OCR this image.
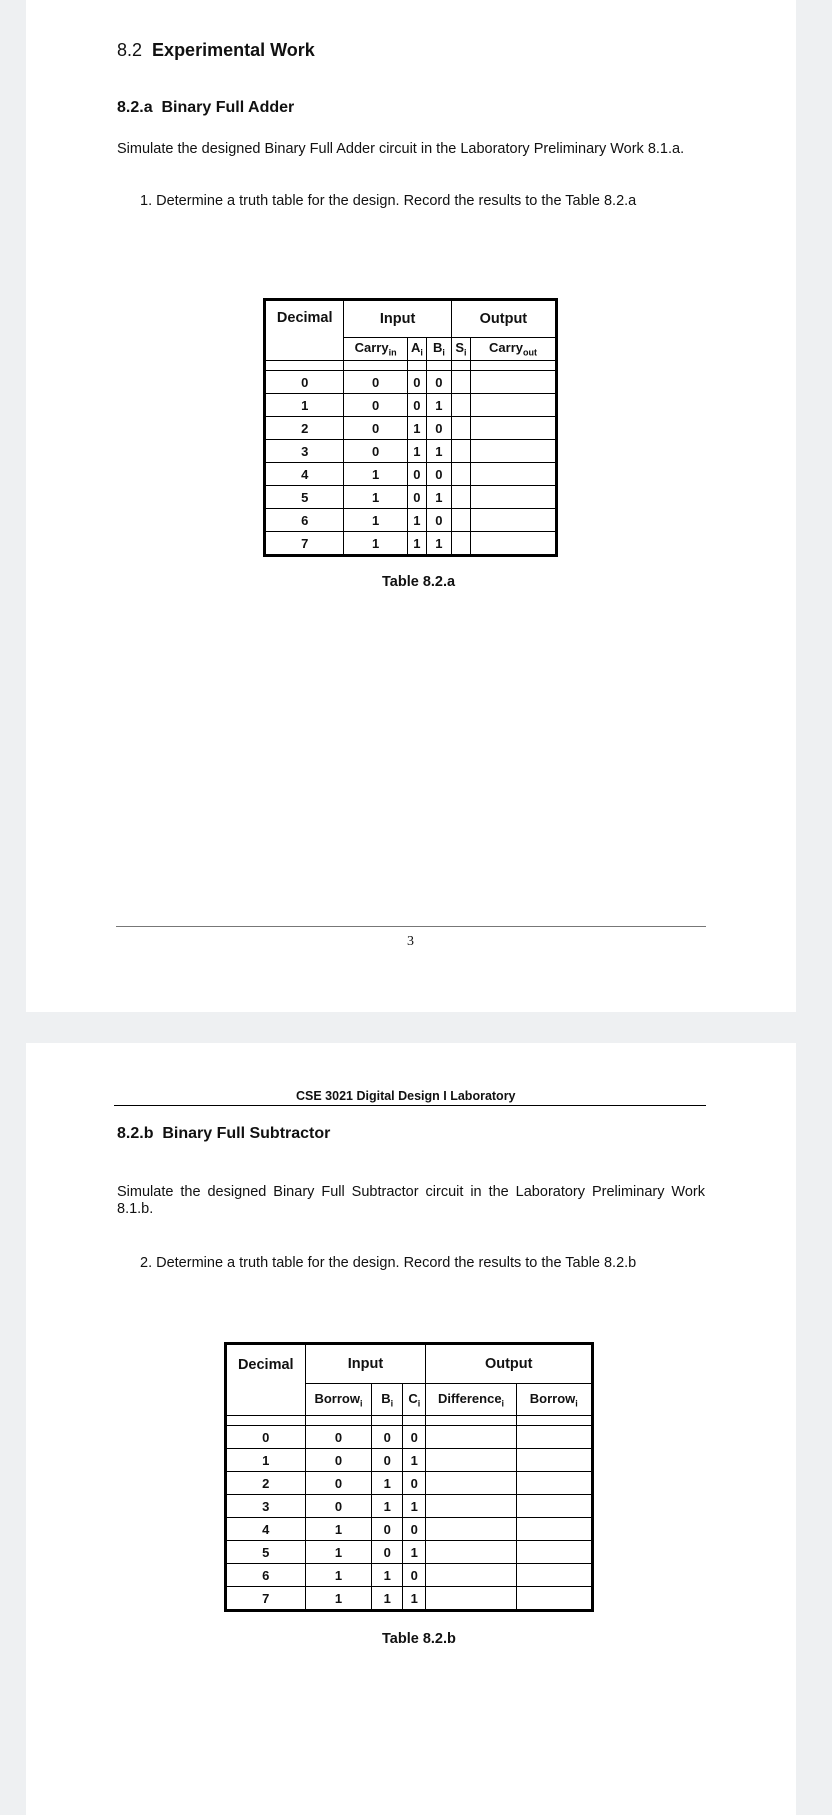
8.2 Experimental Work
8.2.a Binary Full Adder
Simulate the designed Binary Full Adder circuit in the Laboratory Preliminary Work 8.1.a.
1. Determine a truth table for the design. Record the results to the Table 8.2.a
Decimal	Input			Output	
	Carry$_{in}$	$A_i$	$B_i$	$S_i$	Carry$_{out}$

0	0	0	0		
1	0	0	1		
2	0	1	0		
3	0	1	1		
4	1	0	0		
5	1	0	1		
6	1	1	0		
7	1	1	1		
Table 8.2.a
3
CSE 3021 Digital Design I Laboratory
8.2.b Binary Full Subtractor
Simulate the designed Binary Full Subtractor circuit in the Laboratory Preliminary Work 8.1.b.
2. Determine a truth table for the design. Record the results to the Table 8.2.b
Decimal	Input			Output	
	Borrow$_i$	$B_i$	$C_i$	Difference$_i$	Borrow$_i$

0	0	0	0		
1	0	0	1		
2	0	1	0		
3	0	1	1		
4	1	0	0		
5	1	0	1		
6	1	1	0		
7	1	1	1		
Table 8.2.b
